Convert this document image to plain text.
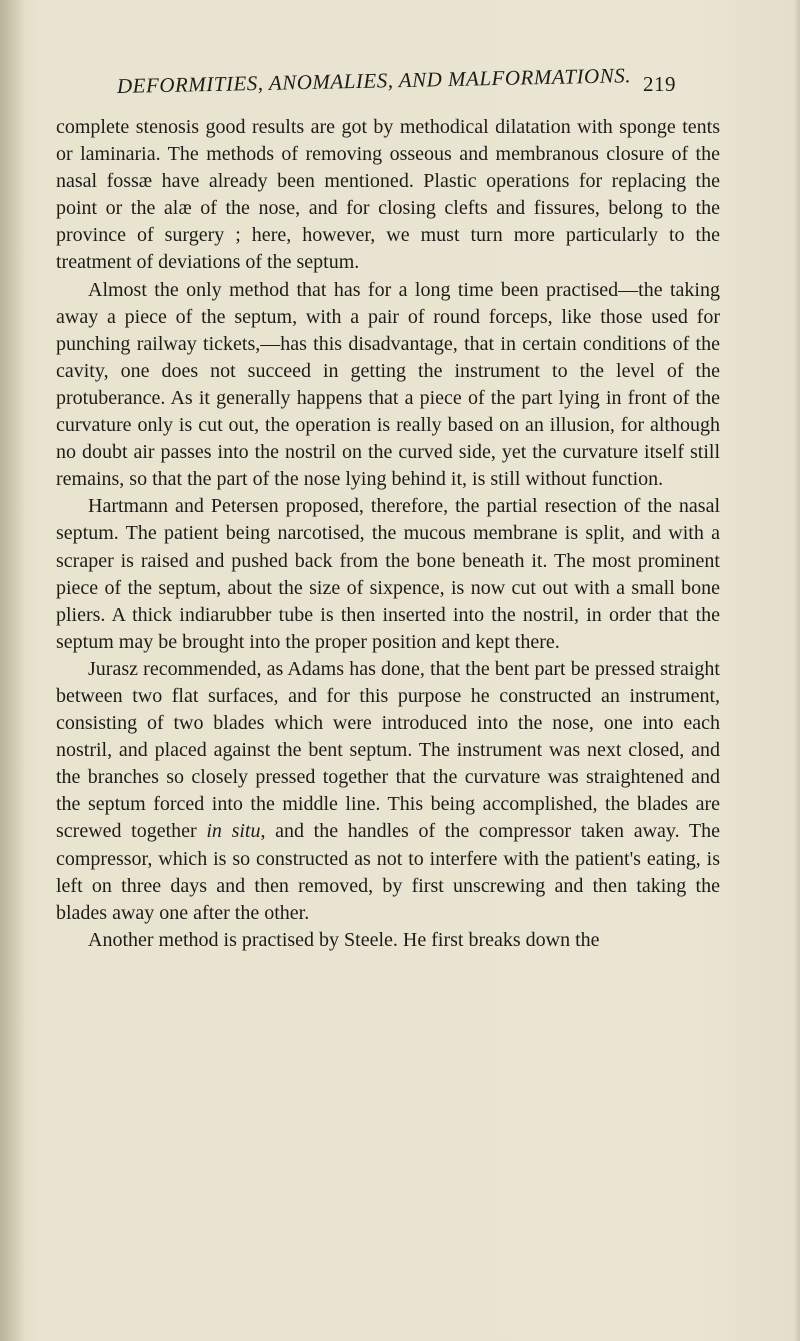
DEFORMITIES, ANOMALIES, AND MALFORMATIONS. 219

complete stenosis good results are got by methodical dilatation with sponge tents or laminaria. The methods of removing osseous and membranous closure of the nasal fossæ have already been mentioned. Plastic operations for replacing the point or the alæ of the nose, and for closing clefts and fissures, belong to the province of surgery ; here, however, we must turn more particularly to the treatment of deviations of the septum.

Almost the only method that has for a long time been practised—the taking away a piece of the septum, with a pair of round forceps, like those used for punching railway tickets,—has this disadvantage, that in certain conditions of the cavity, one does not succeed in getting the instrument to the level of the protuberance. As it generally happens that a piece of the part lying in front of the curvature only is cut out, the operation is really based on an illusion, for although no doubt air passes into the nostril on the curved side, yet the curvature itself still remains, so that the part of the nose lying behind it, is still without function.

Hartmann and Petersen proposed, therefore, the partial resection of the nasal septum. The patient being narcotised, the mucous membrane is split, and with a scraper is raised and pushed back from the bone beneath it. The most prominent piece of the septum, about the size of sixpence, is now cut out with a small bone pliers. A thick indiarubber tube is then inserted into the nostril, in order that the septum may be brought into the proper position and kept there.

Jurasz recommended, as Adams has done, that the bent part be pressed straight between two flat surfaces, and for this purpose he constructed an instrument, consisting of two blades which were introduced into the nose, one into each nostril, and placed against the bent septum. The instrument was next closed, and the branches so closely pressed together that the curvature was straightened and the septum forced into the middle line. This being accomplished, the blades are screwed together in situ, and the handles of the compressor taken away. The compressor, which is so constructed as not to interfere with the patient's eating, is left on three days and then removed, by first unscrewing and then taking the blades away one after the other.

Another method is practised by Steele. He first breaks down the
